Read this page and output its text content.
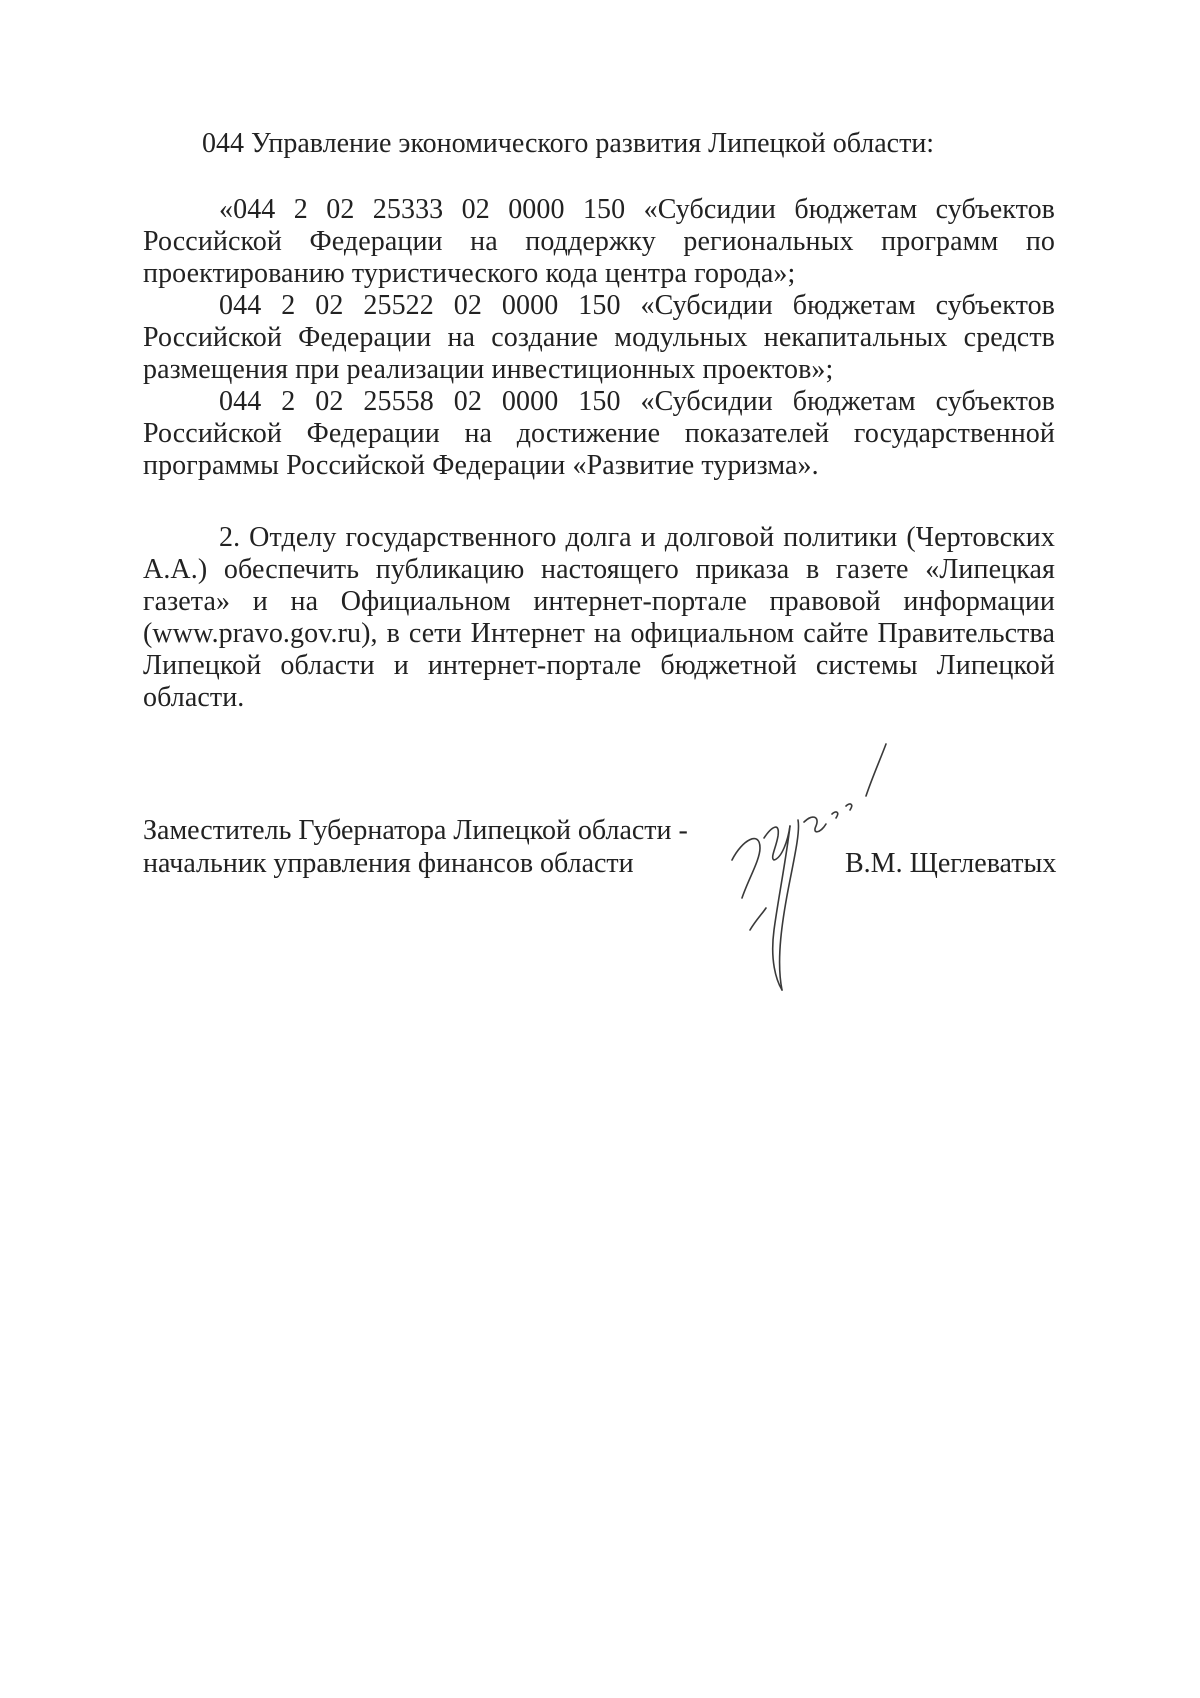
044 Управление экономического развития Липецкой области:

«044 2 02 25333 02 0000 150 «Субсидии бюджетам субъектов Российской Федерации на поддержку региональных программ по проектированию туристического кода центра города»;

044 2 02 25522 02 0000 150 «Субсидии бюджетам субъектов Российской Федерации на создание модульных некапитальных средств размещения при реализации инвестиционных проектов»;

044 2 02 25558 02 0000 150 «Субсидии бюджетам субъектов Российской Федерации на достижение показателей государственной программы Российской Федерации «Развитие туризма».

2. Отделу государственного долга и долговой политики (Чертовских А.А.) обеспечить публикацию настоящего приказа в газете «Липецкая газета» и на Официальном интернет-портале правовой информации (www.pravo.gov.ru), в сети Интернет на официальном сайте Правительства Липецкой области и интернет-портале бюджетной системы Липецкой области.

Заместитель Губернатора Липецкой области -
начальник управления финансов области	В.М. Щеглеватых
